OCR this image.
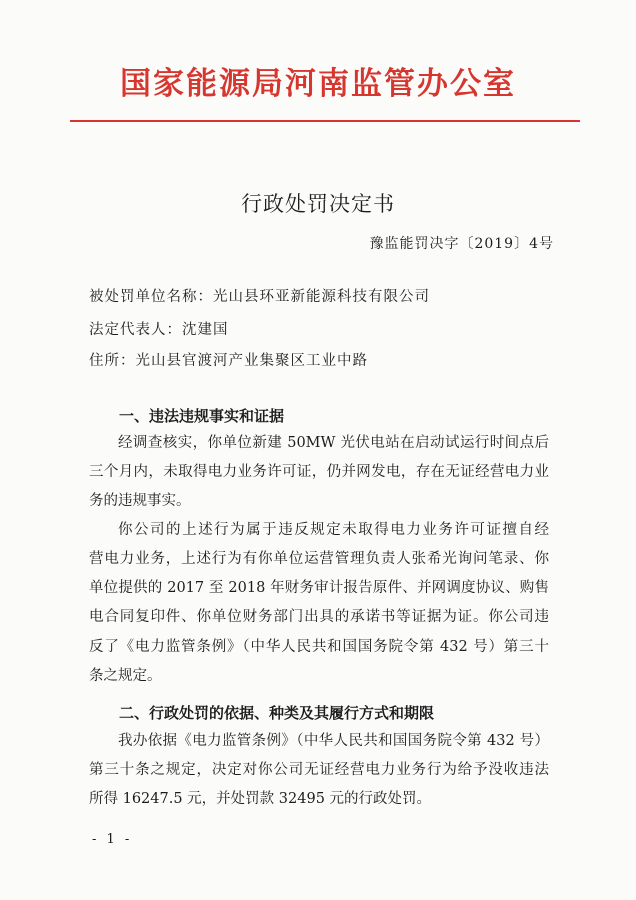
国家能源局河南监管办公室
行政处罚决定书
豫监能罚决字〔2019〕4号
被处罚单位名称：光山县环亚新能源科技有限公司
法定代表人：沈建国
住所：光山县官渡河产业集聚区工业中路
一、违法违规事实和证据
经调查核实，你单位新建 50MW 光伏电站在启动试运行时间点后
三个月内，未取得电力业务许可证，仍并网发电，存在无证经营电力业
务的违规事实。
你公司的上述行为属于违反规定未取得电力业务许可证擅自经
营电力业务，上述行为有你单位运营管理负责人张希光询问笔录、你
单位提供的 2017 至 2018 年财务审计报告原件、并网调度协议、购售
电合同复印件、你单位财务部门出具的承诺书等证据为证。你公司违
反了《电力监管条例》（中华人民共和国国务院令第 432 号）第三十
条之规定。
二、行政处罚的依据、种类及其履行方式和期限
我办依据《电力监管条例》（中华人民共和国国务院令第 432 号）
第三十条之规定，决定对你公司无证经营电力业务行为给予没收违法
所得 16247.5 元，并处罚款 32495 元的行政处罚。
- 1 -
